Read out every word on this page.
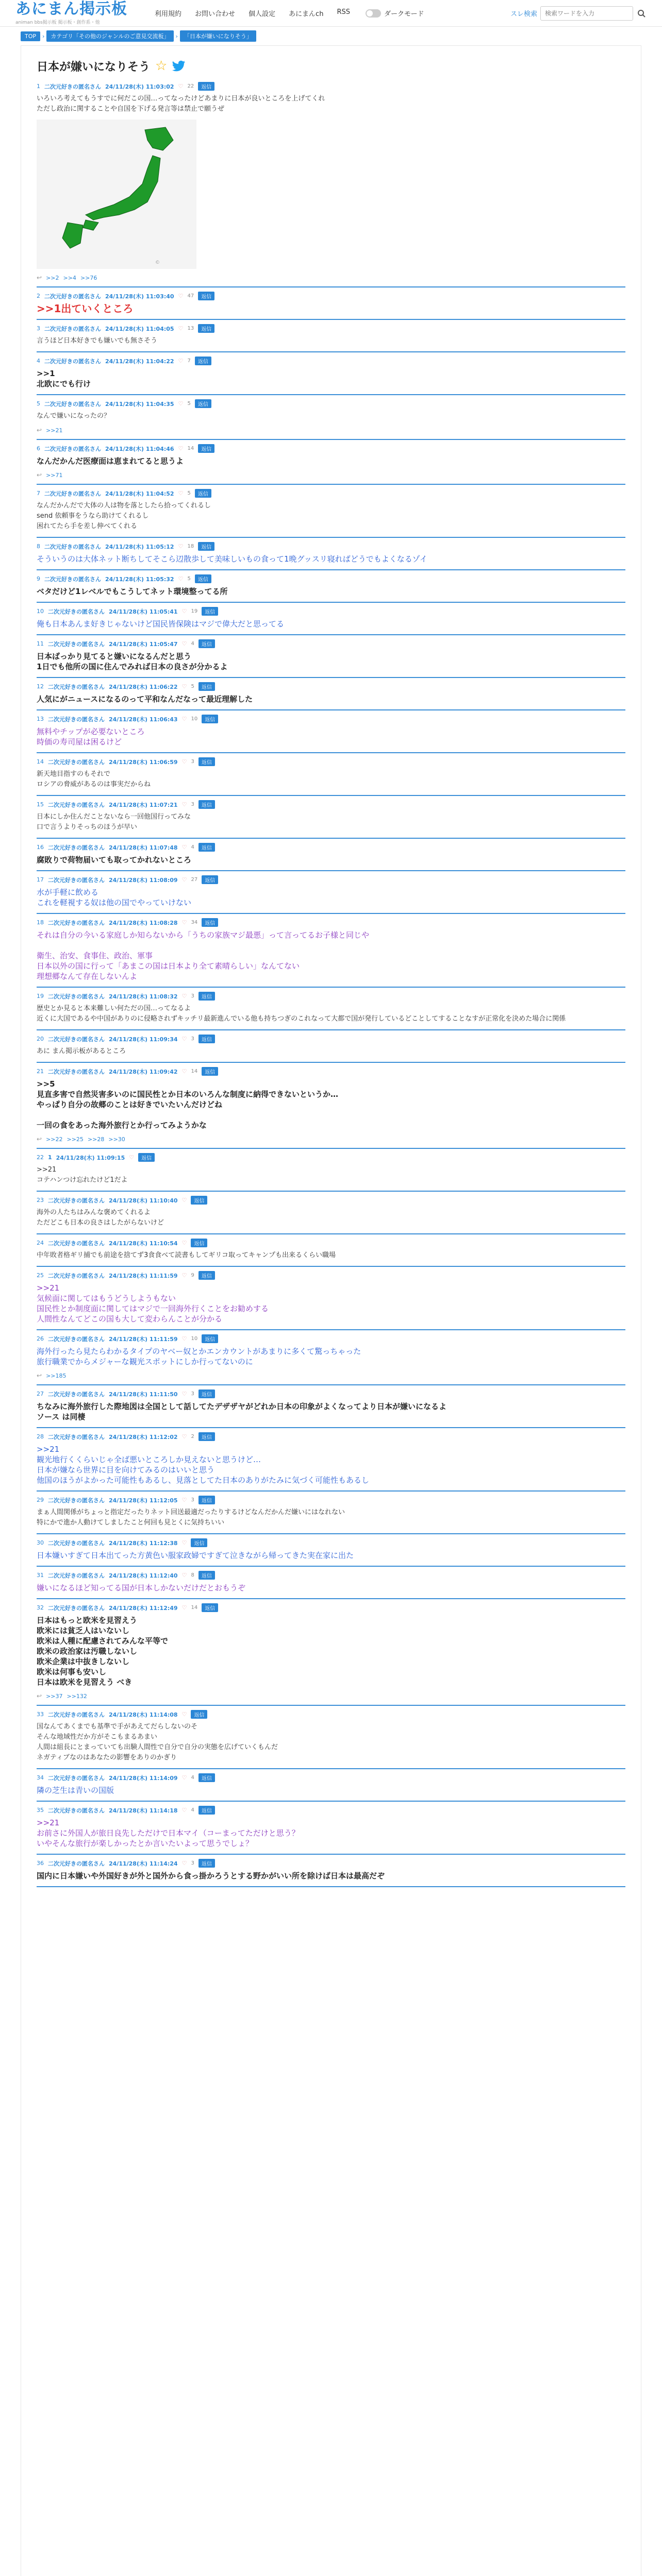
あにまん掲示板
animan bbs掲示板 掲示板・創作系・他
利用規約 お問い合わせ 個人設定 あにまんch RSS	ダークモード	スレ検索
検索ワードを入力
TOP	›	カテゴリ「その他のジャンルのご意見交流板」	›	「日本が嫌いになりそう」
日本が嫌いになりそう ☆
1 二次元好きの匿名さん 24/11/28(木) 11:03:02 ♡ 22	返信
いろいろ考えてもうすでに何だこの国…ってなったけどあまりに日本が良いところを上げてくれ
ただし政治に関することや自国を下げる発言等は禁止で願うぜ
©
↩ >>2 >>4 >>76
2 二次元好きの匿名さん 24/11/28(木) 11:03:40 ♡ 47	返信
>>1出ていくところ
3 二次元好きの匿名さん 24/11/28(木) 11:04:05 ♡ 13	返信
言うほど日本好きでも嫌いでも無さそう
4 二次元好きの匿名さん 24/11/28(木) 11:04:22 ♡ 7	返信
>>1
北欧にでも行け
5 二次元好きの匿名さん 24/11/28(木) 11:04:35 ♡ 5	返信
なんで嫌いになったの？
↩ >>21
6 二次元好きの匿名さん 24/11/28(木) 11:04:46 ♡ 14	返信
なんだかんだ医療面は恵まれてると思うよ
↩ >>71
7 二次元好きの匿名さん 24/11/28(木) 11:04:52 ♡ 5	返信
なんだかんだで大体の人は物を落としたら拾ってくれるし
send 依頼事をうなら助けてくれるし
困れてたら手を差し伸べてくれる
8 二次元好きの匿名さん 24/11/28(木) 11:05:12 ♡ 18	返信
そういうのは大体ネット断ちしてそこら辺散歩して美味しいもの食って1晩グッスリ寝ればどうでもよくなるゾイ
9 二次元好きの匿名さん 24/11/28(木) 11:05:32 ♡ 5	返信
ベタだけど1レベルでもこうしてネット環境整ってる所
10 二次元好きの匿名さん 24/11/28(木) 11:05:41 ♡ 19	返信
俺も日本あんま好きじゃないけど国民皆保険はマジで偉大だと思ってる
11 二次元好きの匿名さん 24/11/28(木) 11:05:47 ♡ 4	返信
日本ばっかり見てると嫌いになるんだと思う
1日でも他所の国に住んでみれば日本の良さが分かるよ
12 二次元好きの匿名さん 24/11/28(木) 11:06:22 ♡ 5	返信
人気にがニュースになるのって平和なんだなって最近理解した
13 二次元好きの匿名さん 24/11/28(木) 11:06:43 ♡ 10	返信
無料やチップが必要ないところ
時価の寿司屋は困るけど
14 二次元好きの匿名さん 24/11/28(木) 11:06:59 ♡ 3	返信
新天地目指すのもそれで
ロシアの脅威があるのは事実だからね
15 二次元好きの匿名さん 24/11/28(木) 11:07:21 ♡ 3	返信
日本にしか住んだことないなら一回他国行ってみな
口で言うよりそっちのほうが早い
16 二次元好きの匿名さん 24/11/28(木) 11:07:48 ♡ 4	返信
腐敗りで荷物届いても取ってかれないところ
17 二次元好きの匿名さん 24/11/28(木) 11:08:09 ♡ 27	返信
水が手軽に飲める
これを軽視する奴は他の国でやっていけない
18 二次元好きの匿名さん 24/11/28(木) 11:08:28 ♡ 34	返信
それは自分の今いる家庭しか知らないから「うちの家族マジ最悪」って言ってるお子様と同じや

衛生、治安、食事住、政治、軍事
日本以外の国に行って「あまこの国は日本より全て素晴らしい」なんてない
理想郷なんて存在しないんよ
19 二次元好きの匿名さん 24/11/28(木) 11:08:32 ♡ 3	返信
歴史とか見ると本来難しい何ただの国…ってなるよ
近くに大国であるや中国がありのに侵略されずキッチリ最新進んでいる他も持ちつぎのこれなって大都で国が発行しているどことしてすることなすが正常化を決めた場合に関係
20 二次元好きの匿名さん 24/11/28(木) 11:09:34 ♡ 3	返信
あに まん掲示板があるところ
21 二次元好きの匿名さん 24/11/28(木) 11:09:42 ♡ 14	返信
>>5
見直多害で自然災害多いのに国民性とか日本のいろんな制度に納得できないというか…
やっぱり自分の故郷のことは好きでいたいんだけどね

一回の食をあった海外旅行とか行ってみようかな
↩ >>22 >>25 >>28 >>30
22 1 24/11/28(木) 11:09:15 ♡	返信
>>21
コテハンつけ忘れたけど1だよ
23 二次元好きの匿名さん 24/11/28(木) 11:10:40 ♡	返信
海外の人たちはみんな褒めてくれるよ
ただどこも日本の良さはしたがらないけど
24 二次元好きの匿名さん 24/11/28(木) 11:10:54 ♡	返信
中年敗者格ギリ捕でも前途を捨てず3食食べて読書もしてギリコ取ってキャンプも出来るくらい職場
25 二次元好きの匿名さん 24/11/28(木) 11:11:59 ♡ 9	返信
>>21
気候面に関してはもうどうしようもない
国民性とか制度面に関してはマジで一回海外行くことをお勧めする
人間性なんてどこの国も大して変わらんことが分かる
26 二次元好きの匿名さん 24/11/28(木) 11:11:59 ♡ 10	返信
海外行ったら見たらわかるタイプのヤベー奴とかエンカウントがあまりに多くて驚っちゃった
旅行職業でからメジャーな観光スポットにしか行ってないのに
↩ >>185
27 二次元好きの匿名さん 24/11/28(木) 11:11:50 ♡ 3	返信
ちなみに海外旅行した際地図は全国として話してたデザザヤがどれか日本の印象がよくなってより日本が嫌いになるよ
ソース は同棲
28 二次元好きの匿名さん 24/11/28(木) 11:12:02 ♡ 2	返信
>>21
観光地行くくらいじゃ全ば悪いところしか見えないと思うけど…
日本が嫌なら世界に目を向けてみるのはいいと思う
他国のほうがよかった可能性もあるし、見落としてた日本のありがたみに気づく可能性もあるし
29 二次元好きの匿名さん 24/11/28(木) 11:12:05 ♡ 3	返信
まぁ人間関係がちょっと指定だったりネット回送最適だったりするけどなんだかんだ嫌いにはなれない
特にかで進か人動けてしましたこと何回も見とくに気持ちいい
30 二次元好きの匿名さん 24/11/28(木) 11:12:38 ♡	返信
日本嫌いすぎて日本出てった方黄色い服家政婦ですぎて泣きながら帰ってきた実在家に出た
31 二次元好きの匿名さん 24/11/28(木) 11:12:40 ♡ 8	返信
嫌いになるほど知ってる国が日本しかないだけだとおもうぞ
32 二次元好きの匿名さん 24/11/28(木) 11:12:49 ♡ 14	返信
日本はもっと欧米を見習えう
欧米には貧乏人はいないし
欧米は人種に配慮されてみんな平等で
欧米の政治家は汚職しないし
欧米企業は中抜きしないし
欧米は何事も安いし
日本は欧米を見習えう べき
↩ >>37 >>132
33 二次元好きの匿名さん 24/11/28(木) 11:14:08 ♡	返信
国なんてあくまでも基準で手があえてだらしないのそ
そんな地域性だか方がそこもまるあまい
人間は組長にとまっていても出験人間性で自分で自分の実態を広げていくもんだ
ネガティブなのはあなたの影響をありのかぎり
34 二次元好きの匿名さん 24/11/28(木) 11:14:09 ♡ 4	返信
隣の芝生は青いの国版
35 二次元好きの匿名さん 24/11/28(木) 11:14:18 ♡ 4	返信
>>21
お前さに外国人が旅日良先しただけで日本マイ（コーまってただけと思う？
いやそんな旅行が楽しかったとか言いたいよって思うでしょ？
36 二次元好きの匿名さん 24/11/28(木) 11:14:24 ♡ 3	返信
国内に日本嫌いや外国好きが外と国外から食っ掛かろうとする野かがいい所を除けば日本は最高だぞ
